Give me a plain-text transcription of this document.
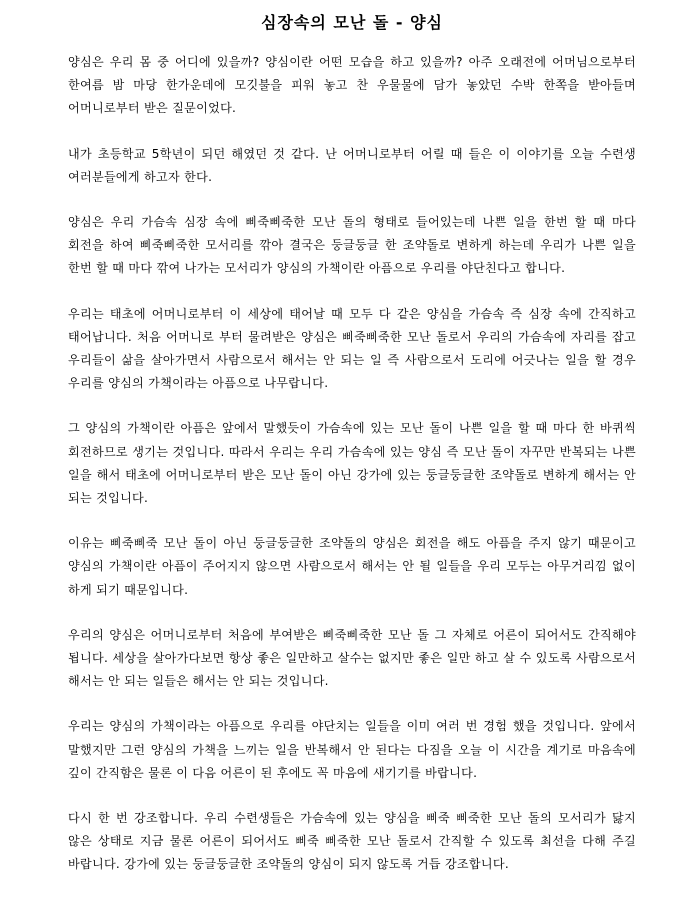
심장속의 모난 돌 - 양심

양심은 우리 몸 중 어디에 있을까? 양심이란 어떤 모습을 하고 있을까? 아주 오래전에 어머님으로부터 한여름 밤 마당 한가운데에 모깃불을 피워 놓고 찬 우물물에 담가 놓았던 수박 한쪽을 받아들며 어머니로부터 받은 질문이었다.

내가 초등학교 5학년이 되던 해였던 것 같다. 난 어머니로부터 어릴 때 들은 이 이야기를 오늘 수련생 여러분들에게 하고자 한다.

양심은 우리 가슴속 심장 속에 삐죽삐죽한 모난 돌의 형태로 들어있는데 나쁜 일을 한번 할 때 마다 회전을 하여 삐죽삐죽한 모서리를 깎아 결국은 둥글둥글 한 조약돌로 변하게 하는데 우리가 나쁜 일을 한번 할 때 마다 깎여 나가는 모서리가 양심의 가책이란 아픔으로 우리를 야단친다고 합니다.

우리는 태초에 어머니로부터 이 세상에 태어날 때 모두 다 같은 양심을 가슴속 즉 심장 속에 간직하고 태어납니다. 처음 어머니로 부터 물려받은 양심은 삐죽삐죽한 모난 돌로서 우리의 가슴속에 자리를 잡고 우리들이 삶을 살아가면서 사람으로서 해서는 안 되는 일 즉 사람으로서 도리에 어긋나는 일을 할 경우 우리를 양심의 가책이라는 아픔으로 나무랍니다.

그 양심의 가책이란 아픔은 앞에서 말했듯이 가슴속에 있는 모난 돌이 나쁜 일을 할 때 마다 한 바퀴씩 회전하므로 생기는 것입니다. 따라서 우리는 우리 가슴속에 있는 양심 즉 모난 돌이 자꾸만 반복되는 나쁜 일을 해서 태초에 어머니로부터 받은 모난 돌이 아닌 강가에 있는 둥글둥글한 조약돌로 변하게 해서는 안 되는 것입니다.

이유는 삐죽삐죽 모난 돌이 아닌 둥글둥글한 조약돌의 양심은 회전을 해도 아픔을 주지 않기 때문이고 양심의 가책이란 아픔이 주어지지 않으면 사람으로서 해서는 안 될 일들을 우리 모두는 아무거리낌 없이 하게 되기 때문입니다.

우리의 양심은 어머니로부터 처음에 부여받은 삐죽삐죽한 모난 돌 그 자체로 어른이 되어서도 간직해야 됩니다. 세상을 살아가다보면 항상 좋은 일만하고 살수는 없지만 좋은 일만 하고 살 수 있도록 사람으로서 해서는 안 되는 일들은 해서는 안 되는 것입니다.

우리는 양심의 가책이라는 아픔으로 우리를 야단치는 일들을 이미 여러 번 경험 했을 것입니다. 앞에서 말했지만 그런 양심의 가책을 느끼는 일을 반복해서 안 된다는 다짐을 오늘 이 시간을 계기로 마음속에 깊이 간직함은 물론 이 다음 어른이 된 후에도 꼭 마음에 새기기를 바랍니다.

다시 한 번 강조합니다. 우리 수련생들은 가슴속에 있는 양심을 삐죽 삐죽한 모난 돌의 모서리가 닳지 않은 상태로 지금 물론 어른이 되어서도 삐죽 삐죽한 모난 돌로서 간직할 수 있도록 최선을 다해 주길 바랍니다. 강가에 있는 둥글둥글한 조약돌의 양심이 되지 않도록 거듭 강조합니다.
